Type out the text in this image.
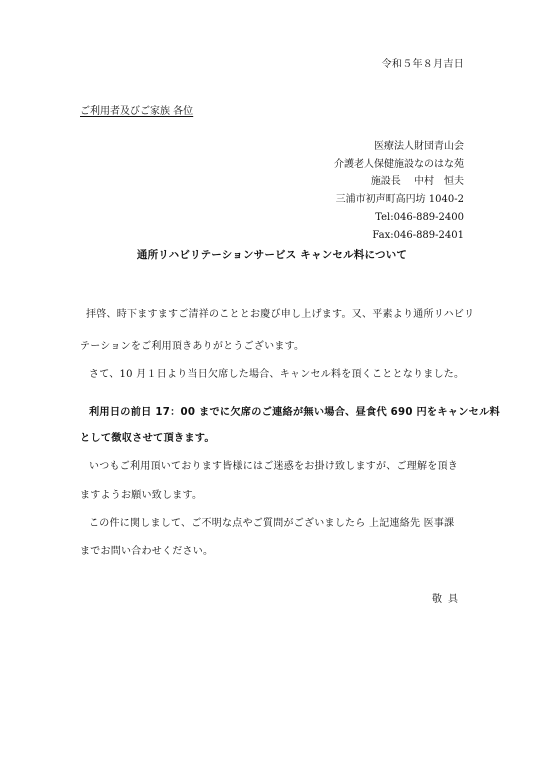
令和５年８月吉日
ご利用者及びご家族 各位
医療法人財団青山会
介護老人保健施設なのはな苑
施設長　 中村　恒夫
三浦市初声町高円坊 1040-2
Tel:046-889-2400
Fax:046-889-2401
通所リハビリテーションサービス キャンセル料について
拝啓、時下ますますご清祥のこととお慶び申し上げます。又、平素より通所リハビリ
テーションをご利用頂きありがとうございます。
さて、10 月１日より当日欠席した場合、キャンセル料を頂くこととなりました。
利用日の前日 17：00 までに欠席のご連絡が無い場合、昼食代 690 円をキャンセル料
として徴収させて頂きます。
いつもご利用頂いております皆様にはご迷惑をお掛け致しますが、ご理解を頂き
ますようお願い致します。
この件に関しまして、ご不明な点やご質問がございましたら 上記連絡先 医事課
までお問い合わせください。
敬具
